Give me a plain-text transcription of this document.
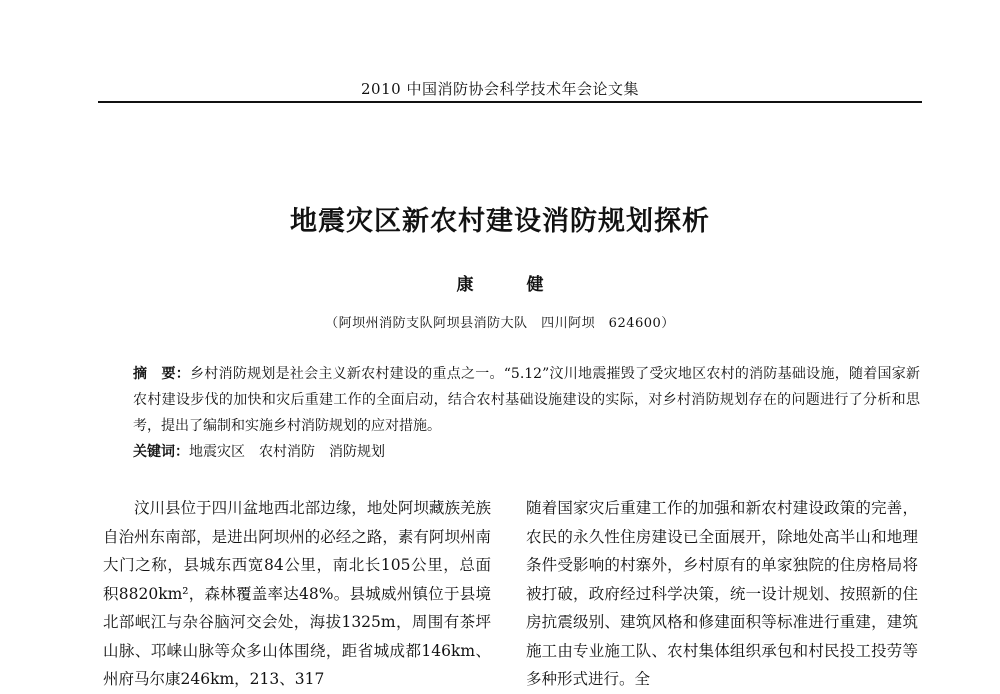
2010 中国消防协会科学技术年会论文集
地震灾区新农村建设消防规划探析
康　健
（阿坝州消防支队阿坝县消防大队　四川阿坝　624600）
摘　要：乡村消防规划是社会主义新农村建设的重点之一。“5.12”汶川地震摧毁了受灾地区农村的消防基础设施，随着国家新农村建设步伐的加快和灾后重建工作的全面启动，结合农村基础设施建设的实际，对乡村消防规划存在的问题进行了分析和思考，提出了编制和实施乡村消防规划的应对措施。
关键词：地震灾区　农村消防　消防规划
汶川县位于四川盆地西北部边缘，地处阿坝藏族羌族自治州东南部，是进出阿坝州的必经之路，素有阿坝州南大门之称，县城东西宽84公里，南北长105公里，总面积8820km²，森林覆盖率达48%。县城威州镇位于县境北部岷江与杂谷脑河交会处，海拔1325m，周围有茶坪山脉、邛崃山脉等众多山体围绕，距省城成都146km、州府马尔康246km，213、317
随着国家灾后重建工作的加强和新农村建设政策的完善，农民的永久性住房建设已全面展开，除地处高半山和地理条件受影响的村寨外，乡村原有的单家独院的住房格局将被打破，政府经过科学决策，统一设计规划、按照新的住房抗震级别、建筑风格和修建面积等标准进行重建，建筑施工由专业施工队、农村集体组织承包和村民投工投劳等多种形式进行。全
